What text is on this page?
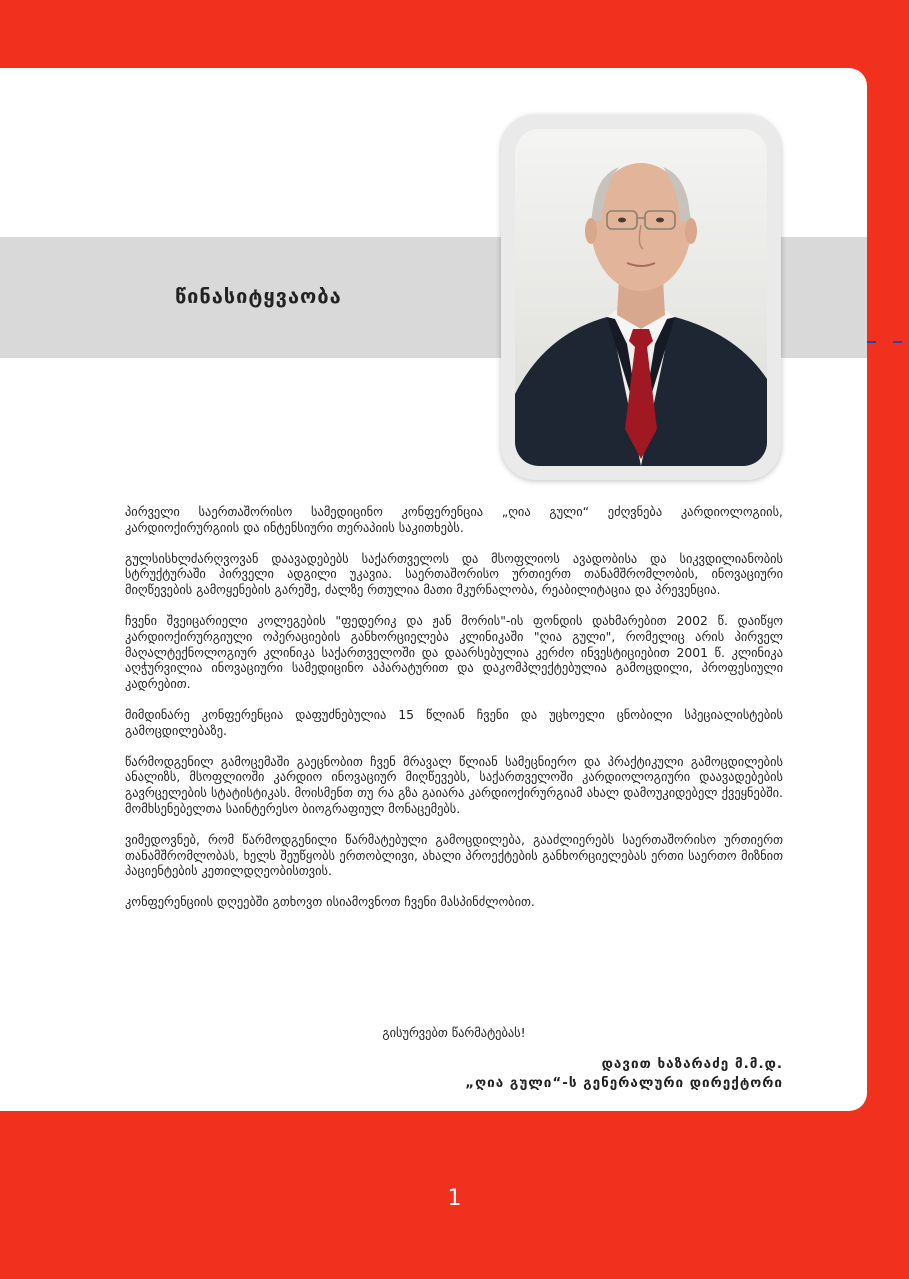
წინასიტყვაობა

პირველი საერთაშორისო სამედიცინო კონფერენცია „ღია გული“ ეძღვნება კარდიოლოგიის, კარდიოქირურგიის და ინტენსიური თერაპიის საკითხებს.

გულსისხლძარღვოვან დაავადებებს საქართველოს და მსოფლიოს ავადობისა და სიკვდილიანობის სტრუქტურაში პირველი ადგილი უკავია. საერთაშორისო ურთიერთ თანამშრომლობის, ინოვაციური მიღწევების გამოყენების გარეშე, ძალზე რთულია მათი მკურნალობა, რეაბილიტაცია და პრევენცია.

ჩვენი შვეიცარიელი კოლეგების "ფედერიკ და ჟან მორის"-ის ფონდის დახმარებით 2002 წ. დაიწყო კარდიოქირურგიული ოპერაციების განხორციელება კლინიკაში "ღია გული", რომელიც არის პირველ მაღალტექნოლოგიურ კლინიკა საქართველოში და დაარსებულია კერძო ინვესტიციებით 2001 წ. კლინიკა აღჭურვილია ინოვაციური სამედიცინო აპარატურით და დაკომპლექტებულია გამოცდილი, პროფესიული კადრებით.

მიმდინარე კონფერენცია დაფუძნებულია 15 წლიან ჩვენი და უცხოელი ცნობილი სპეციალისტების გამოცდილებაზე.

წარმოდგენილ გამოცემაში გაეცნობით ჩვენ მრავალ წლიან სამეცნიერო და პრაქტიკული გამოცდილების ანალიზს, მსოფლიოში კარდიო ინოვაციურ მიღწევებს, საქართველოში კარდიოლოგიური დაავადებების გავრცელების სტატისტიკას. მოისმენთ თუ რა გზა გაიარა კარდიოქირურგიამ ახალ დამოუკიდებელ ქვეყნებში. მომხსენებელთა საინტერესო ბიოგრაფიულ მონაცემებს.

ვიმედოვნებ, რომ წარმოდგენილი წარმატებული გამოცდილება, გააძლიერებს საერთაშორისო ურთიერთ თანამშრომლობას, ხელს შეუწყობს ერთობლივი, ახალი პროექტების განხორციელებას ერთი საერთო მიზნით პაციენტების კეთილდღეობისთვის.

კონფერენციის დღეებში გთხოვთ ისიამოვნოთ ჩვენი მასპინძლობით.

გისურვებთ წარმატებას!

დავით ხაზარაძე მ.მ.დ.

„ღია გული“-ს გენერალური დირექტორი

1
